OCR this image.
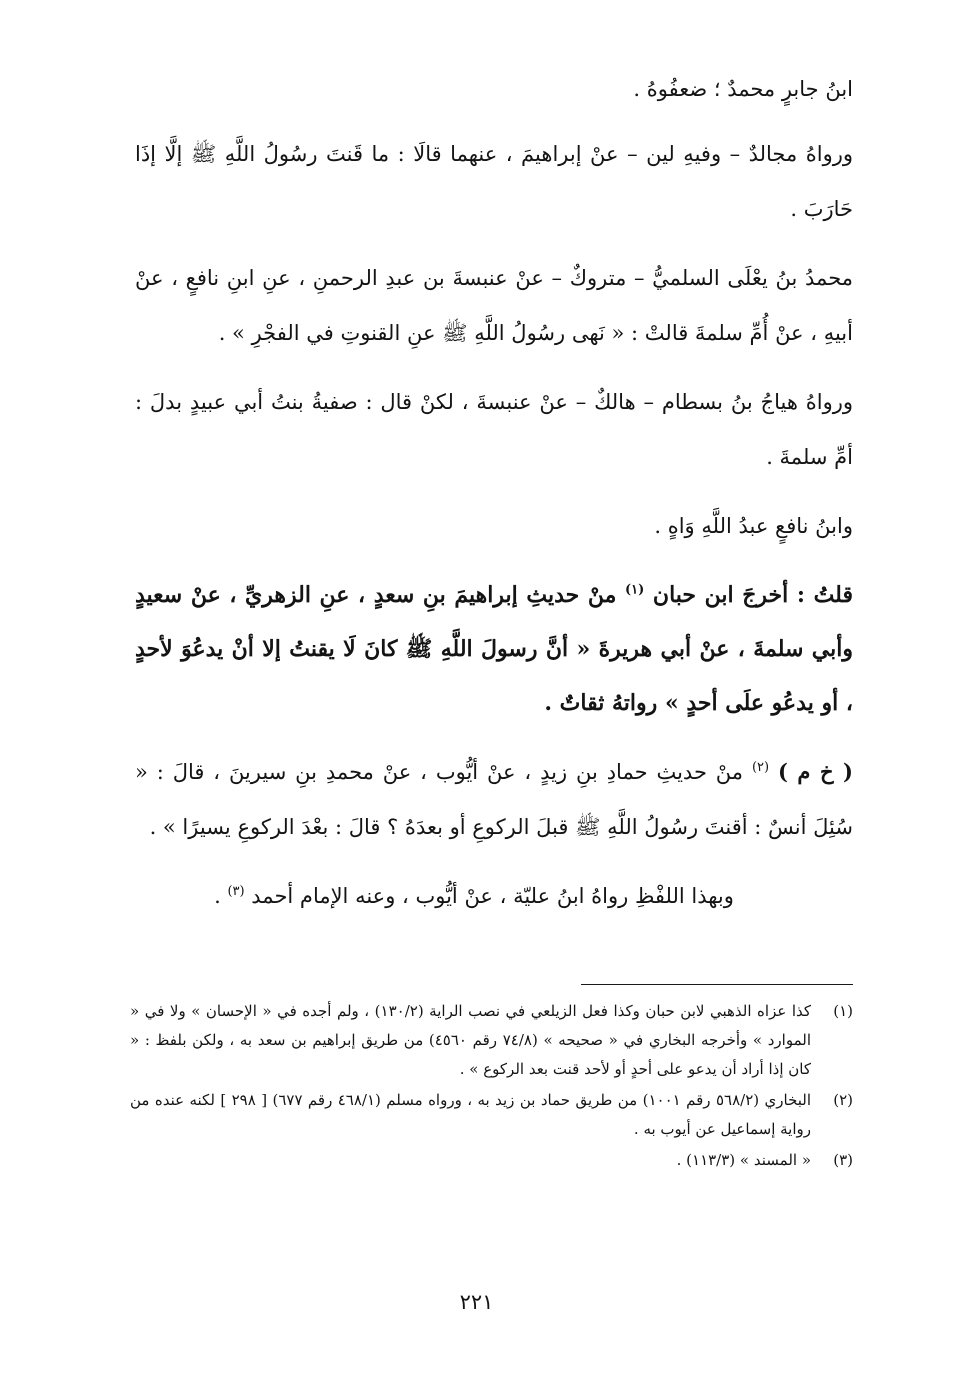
ابنُ جابرٍ محمدٌ ؛ ضعفُوهُ .

ورواهُ مجالدٌ – وفيهِ لين – عنْ إبراهيمَ ، عنهما قالَا : ما قَنتَ رسُولُ اللَّهِ ﷺ إلَّا إذَا حَارَبَ .

محمدُ بنُ يعْلَى السلميُّ – متروكٌ – عنْ عنبسةَ بن عبدِ الرحمنِ ، عنِ ابنِ نافعٍ ، عنْ أبيهِ ، عنْ أُمِّ سلمةَ قالتْ : « نَهى رسُولُ اللَّهِ ﷺ عنِ القنوتِ في الفجْرِ » .

ورواهُ هياجُ بنُ بسطام – هالكٌ – عنْ عنبسةَ ، لكنْ قال : صفيةُ بنتُ أبي عبيدٍ بدلَ : أمِّ سلمةَ .

وابنُ نافعٍ عبدُ اللَّهِ وَاهٍ .

قلتُ : أخرجَ ابن حبان $^{(١)}$ منْ حديثِ إبراهيمَ بنِ سعدٍ ، عنِ الزهريِّ ، عنْ سعيدٍ وأبي سلمةَ ، عنْ أبي هريرةَ « أنَّ رسولَ اللَّهِ ﷺ كانَ لَا يقنتُ إلا أنْ يدعُوَ لأحدٍ ، أو يدعُو علَى أحدٍ » رواتهُ ثقاتٌ .

( خ م ) $^{(٢)}$ منْ حديثِ حمادِ بنِ زيدٍ ، عنْ أيُّوب ، عنْ محمدِ بنِ سيرينَ ، قالَ : « سُئِلَ أنسٌ : أقنتَ رسُولُ اللَّهِ ﷺ قبلَ الركوعِ أو بعدَهُ ؟ قالَ : بعْدَ الركوعِ يسيرًا » .

وبهذا اللفْظِ رواهُ ابنُ عليّة ، عنْ أيُّوب ، وعنه الإمام أحمد $^{(٣)}$ .

(١)
كذا عزاه الذهبي لابن حبان وكذا فعل الزيلعي في نصب الراية (١٣٠/٢) ، ولم أجده في « الإحسان » ولا في « الموارد » وأخرجه البخاري في « صحيحه » (٧٤/٨ رقم ٤٥٦٠) من طريق إبراهيم بن سعد به ، ولكن بلفظ : « كان إذا أراد أن يدعو على أحدٍ أو لأحد قنت بعد الركوع » .
(٢)
البخاري (٥٦٨/٢ رقم ١٠٠١) من طريق حماد بن زيد به ، ورواه مسلم (٤٦٨/١ رقم ٦٧٧) [ ٢٩٨ ] لكنه عنده من رواية إسماعيل عن أيوب به .
(٣)
« المسند » (١١٣/٣) .
٢٢١
